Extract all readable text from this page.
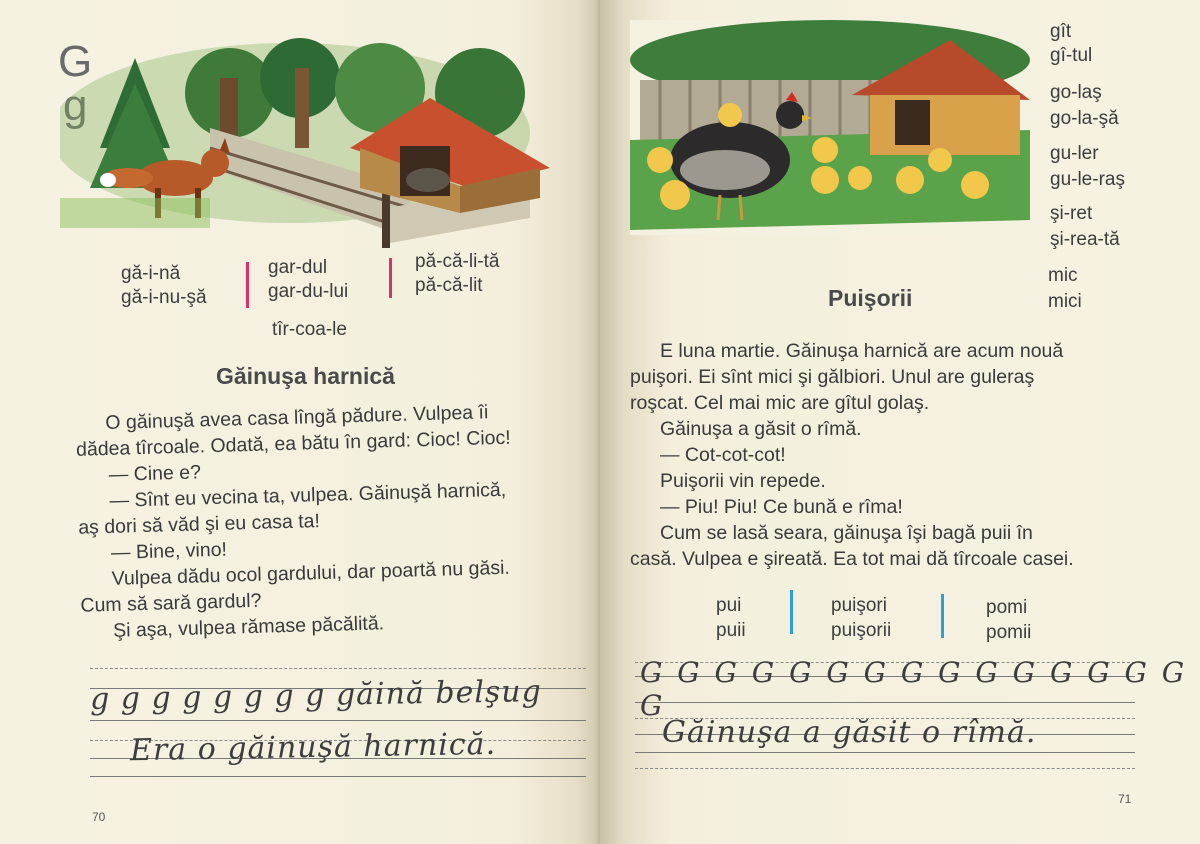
G
g
gă-i-nă
gă-i-nu-şă
gar-dul
gar-du-lui
pă-că-li-tă
pă-că-lit
tîr-coa-le
Găinuşa harnică
O găinuşă avea casa lîngă pădure. Vulpea îi
dădea tîrcoale. Odată, ea bătu în gard: Cioc! Cioc!
— Cine e?
— Sînt eu vecina ta, vulpea. Găinuşă harnică,
aş dori să văd şi eu casa ta!
— Bine, vino!
Vulpea dădu ocol gardului, dar poartă nu găsi.
Cum să sară gardul?
Şi aşa, vulpea rămase păcălită.
g g g g g g g g găină belşug
Era o găinuşă harnică.
70
gît
gî-tul
go-laş
go-la-şă
gu-ler
gu-le-raş
şi-ret
şi-rea-tă
mic
mici
Puişorii
E luna martie. Găinuşa harnică are acum nouă
puişori. Ei sînt mici şi gălbiori. Unul are guleraş
roşcat. Cel mai mic are gîtul golaş.
Găinuşa a găsit o rîmă.
— Cot-cot-cot!
Puişorii vin repede.
— Piu! Piu! Ce bună e rîma!
Cum se lasă seara, găinuşa îşi bagă puii în
casă. Vulpea e şireată. Ea tot mai dă tîrcoale casei.
pui
puii
puişori
puişorii
pomi
pomii
G G G G G G G G G G G G G G G G
Găinuşa a găsit o rîmă.
71
